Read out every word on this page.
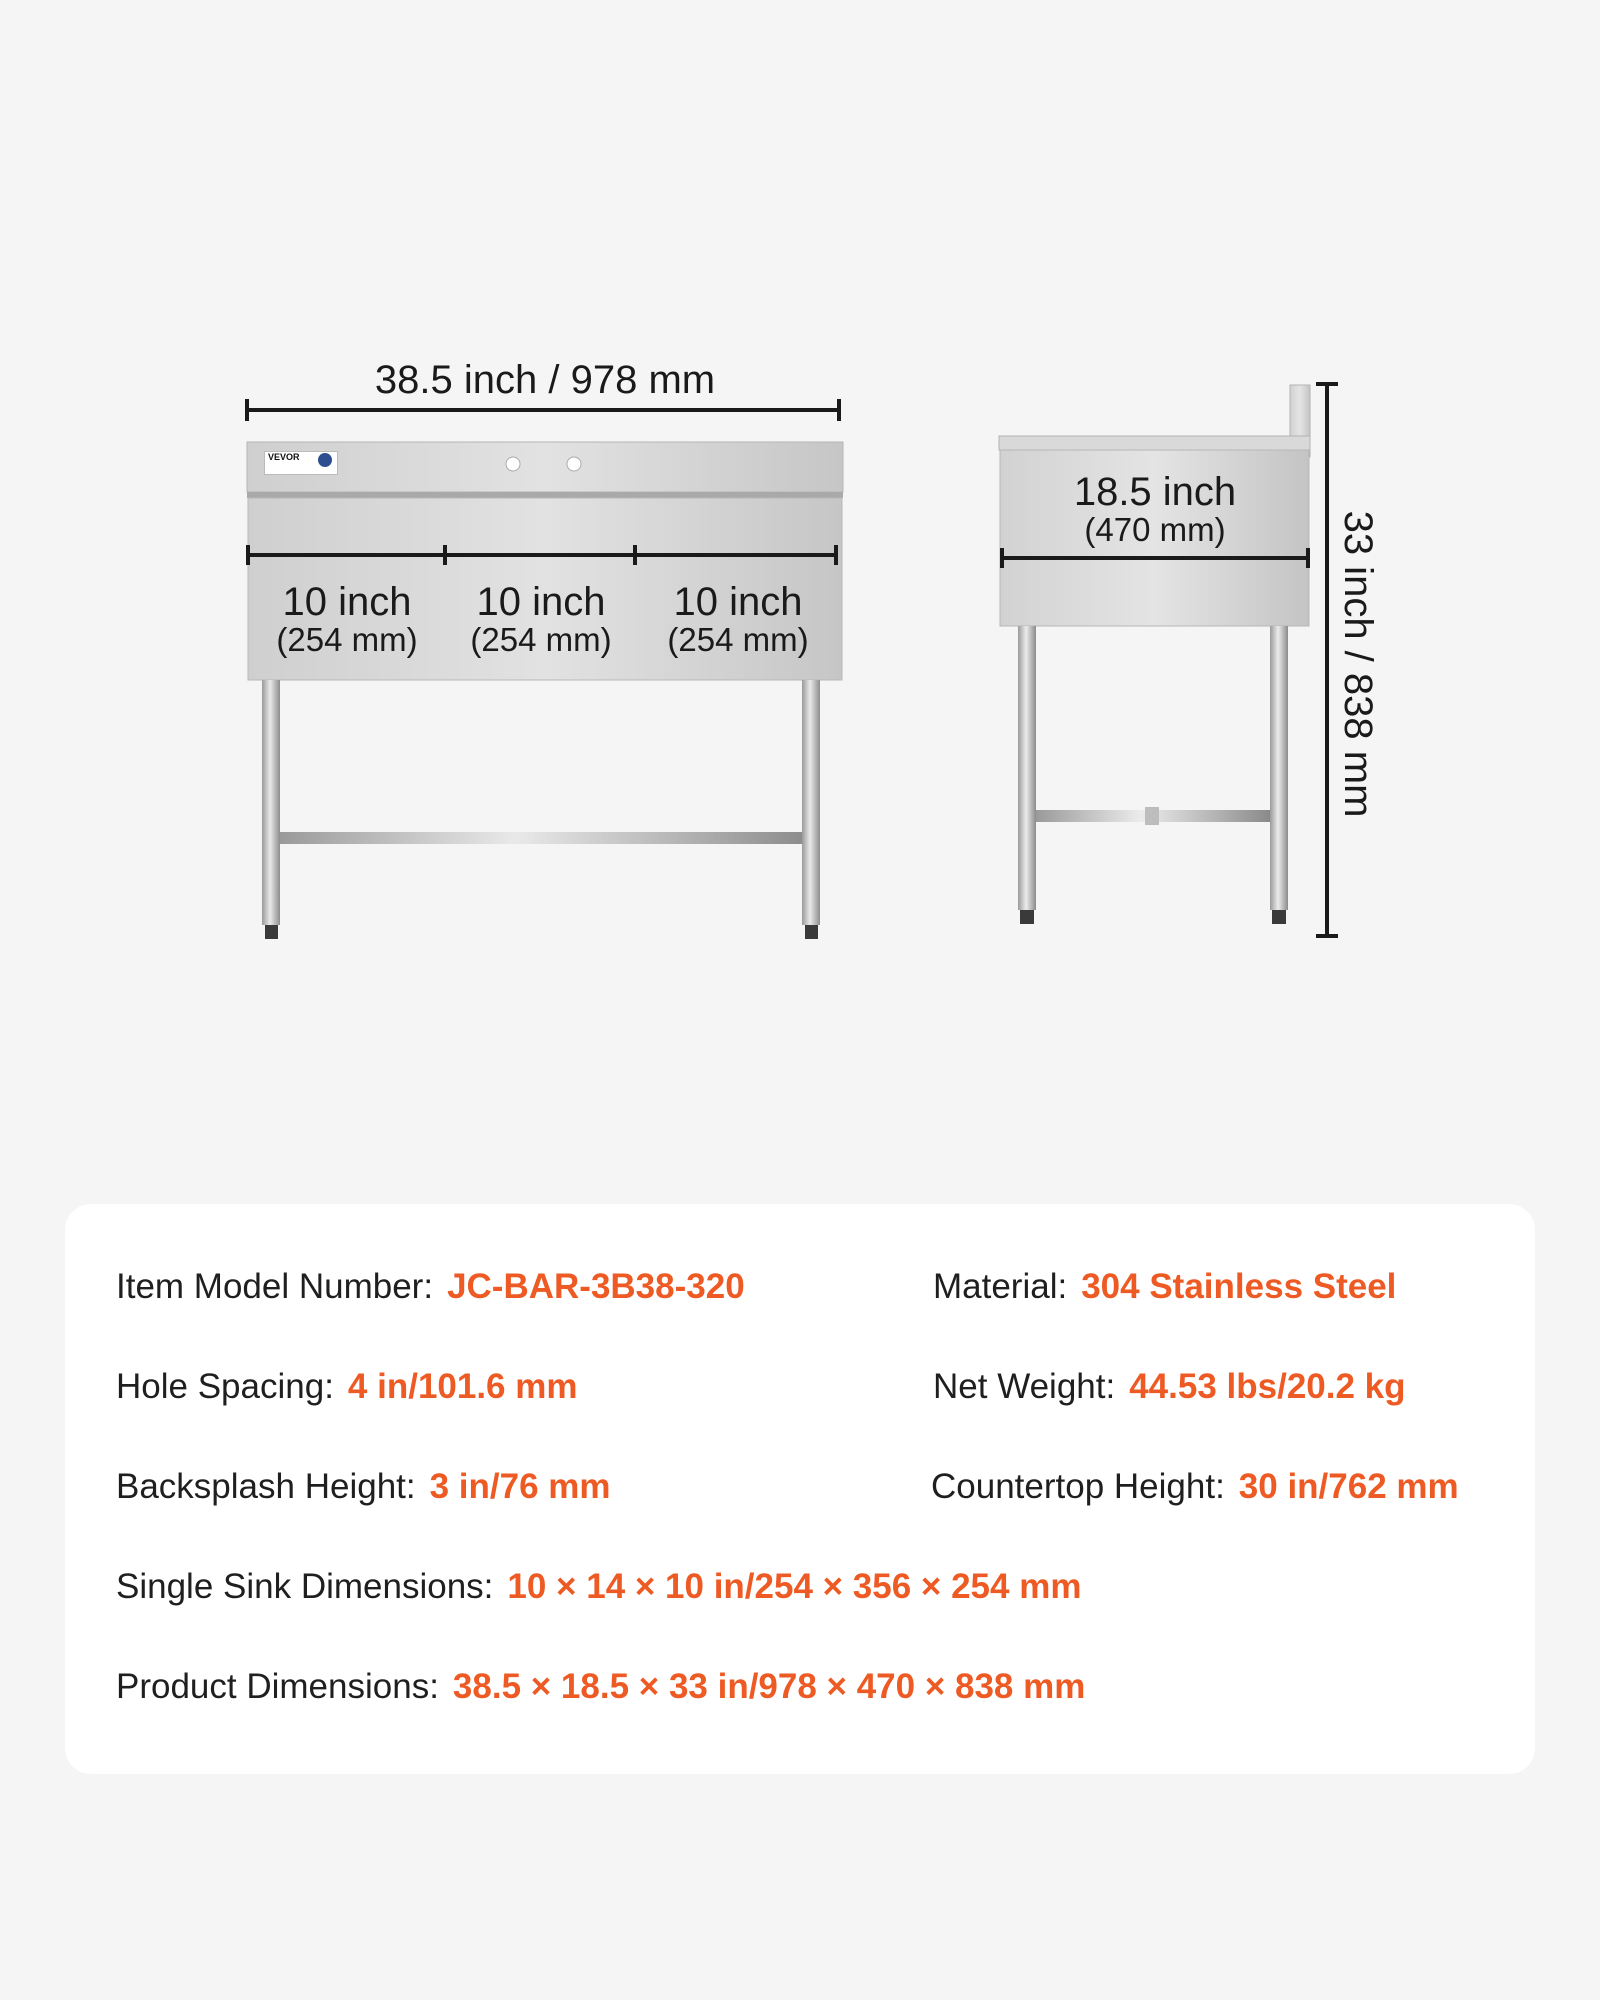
38.5 inch / 978 mm
VEVOR
10 inch
(254 mm)
10 inch
(254 mm)
10 inch
(254 mm)
18.5 inch
(470 mm)	33 inch / 838 mm
Item Model Number: JC-BAR-3B38-320	Material: 304 Stainless Steel
Hole Spacing: 4 in/101.6 mm	Net Weight: 44.53 lbs/20.2 kg
Backsplash Height: 3 in/76 mm	Countertop Height: 30 in/762 mm
Single Sink Dimensions: 10 × 14 × 10 in/254 × 356 × 254 mm
Product Dimensions: 38.5 × 18.5 × 33 in/978 × 470 × 838 mm
